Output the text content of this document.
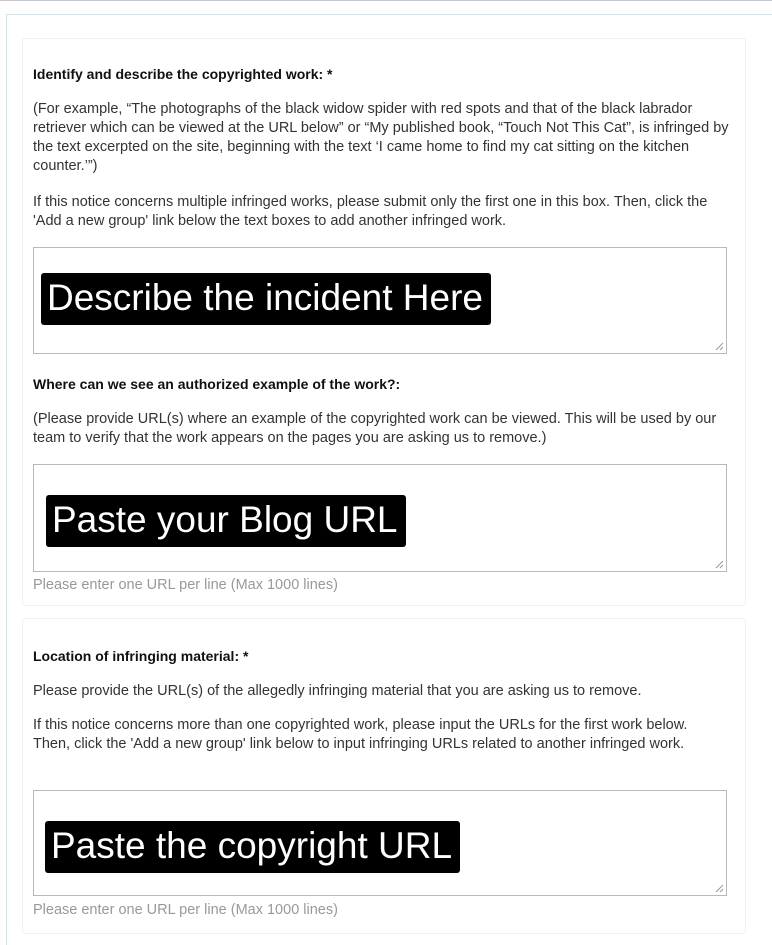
Identify and describe the copyrighted work: *
(For example, “The photographs of the black widow spider with red spots and that of the black labrador retriever which can be viewed at the URL below” or “My published book, “Touch Not This Cat”, is infringed by the text excerpted on the site, beginning with the text ‘I came home to find my cat sitting on the kitchen counter.’”)
If this notice concerns multiple infringed works, please submit only the first one in this box. Then, click the 'Add a new group' link below the text boxes to add another infringed work.
Describe the incident Here
Where can we see an authorized example of the work?:
(Please provide URL(s) where an example of the copyrighted work can be viewed. This will be used by our team to verify that the work appears on the pages you are asking us to remove.)
Paste your Blog URL
Please enter one URL per line (Max 1000 lines)
Location of infringing material: *
Please provide the URL(s) of the allegedly infringing material that you are asking us to remove.
If this notice concerns more than one copyrighted work, please input the URLs for the first work below. Then, click the 'Add a new group' link below to input infringing URLs related to another infringed work.
Paste the copyright URL
Please enter one URL per line (Max 1000 lines)
